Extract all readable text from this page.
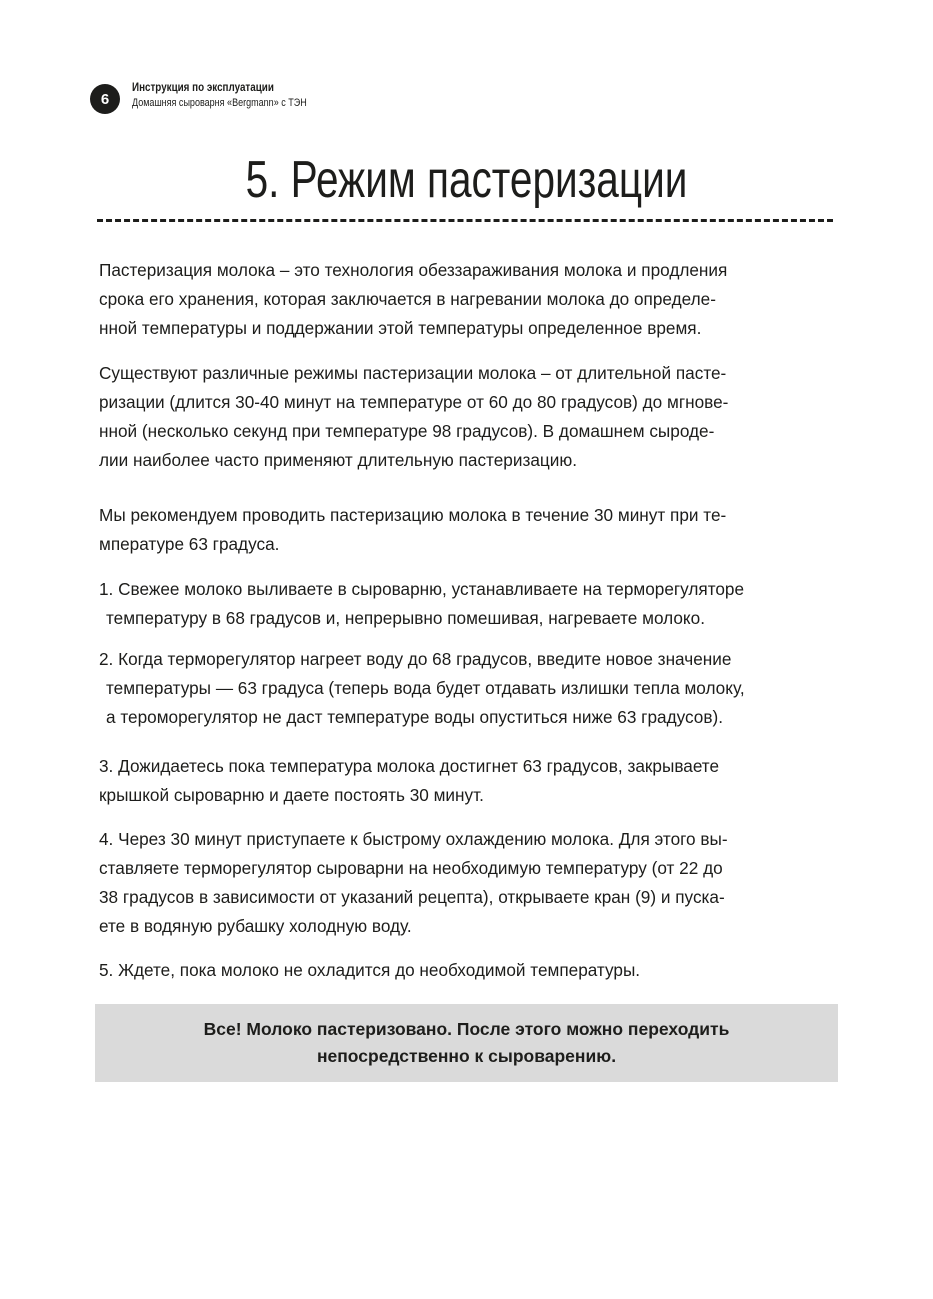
6
Инструкция по эксплуатации
Домашняя сыроварня «Bergmann» с ТЭН
5. Режим пастеризации

Пастеризация молока – это технология обеззараживания молока и продления
срока его хранения, которая заключается в нагревании молока до определе-
нной температуры и поддержании этой температуры определенное время.

Существуют различные режимы пастеризации молока – от длительной пасте-
ризации (длится 30-40 минут на температуре от 60 до 80 градусов) до мгнове-
нной (несколько секунд при температуре 98 градусов). В домашнем сыроде-
лии наиболее часто применяют длительную пастеризацию.

Мы рекомендуем проводить пастеризацию молока в течение 30 минут при те-
мпературе 63 градуса.

1. Свежее молоко выливаете в сыроварню, устанавливаете на терморегуляторе
температуру в 68 градусов и, непрерывно помешивая, нагреваете молоко.

2. Когда терморегулятор нагреет воду до 68 градусов, введите новое значение
температуры — 63 градуса (теперь вода будет отдавать излишки тепла молоку,
а тероморегулятор не даст температуре воды опуститься ниже 63 градусов).

3. Дожидаетесь пока температура молока достигнет 63 градусов, закрываете
крышкой сыроварню и даете постоять 30 минут.

4. Через 30 минут приступаете к быстрому охлаждению молока. Для этого вы-
ставляете терморегулятор сыроварни на необходимую температуру (от 22 до
38 градусов в зависимости от указаний рецепта), открываете кран (9) и пуска-
ете в водяную рубашку холодную воду.

5. Ждете, пока молоко не охладится до необходимой температуры.

Все! Молоко пастеризовано. После этого можно переходить
непосредственно к сыроварению.
